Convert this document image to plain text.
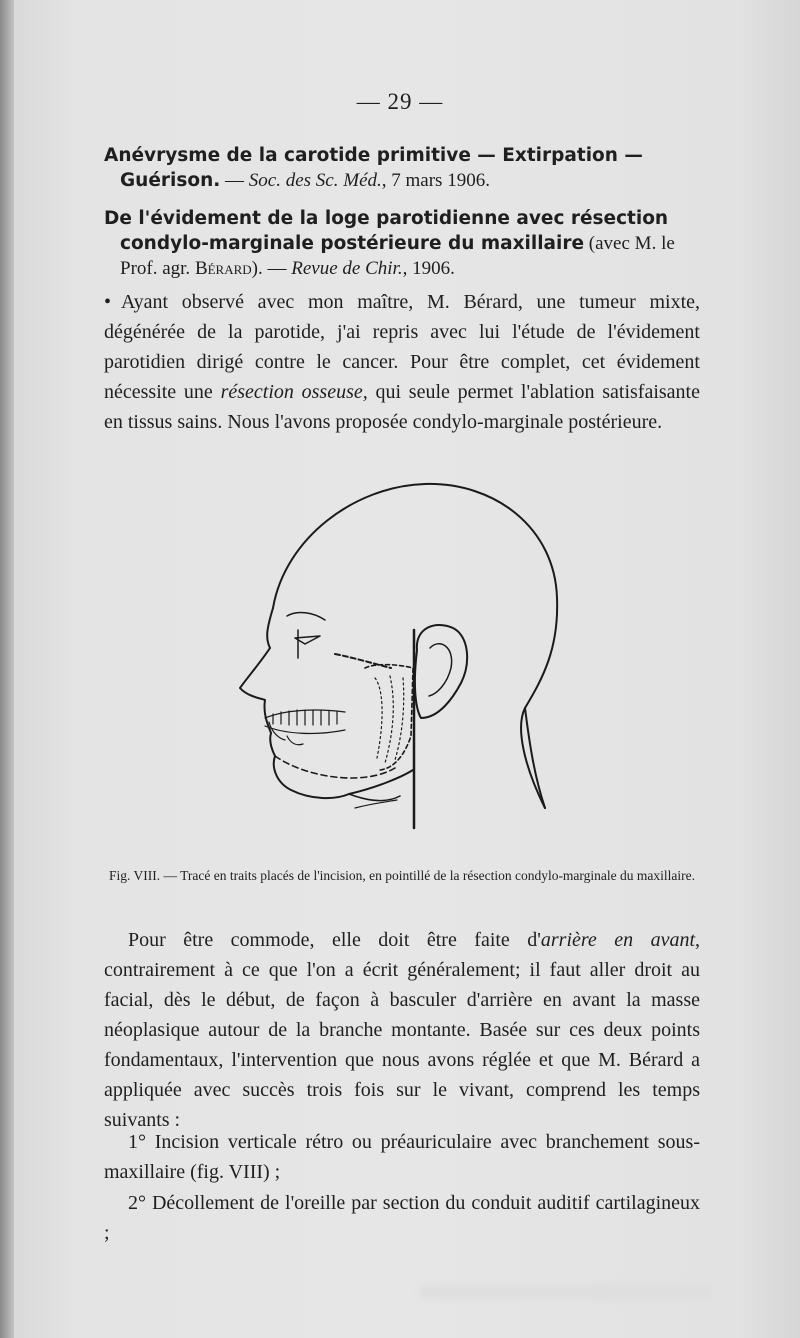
— 29 —
Anévrysme de la carotide primitive — Extirpation — Guérison. — Soc. des Sc. Méd., 7 mars 1906.
De l'évidement de la loge parotidienne avec résection condylo-marginale postérieure du maxillaire (avec M. le Prof. agr. Bérard). — Revue de Chir., 1906.
• Ayant observé avec mon maître, M. Bérard, une tumeur mixte, dégénérée de la parotide, j'ai repris avec lui l'étude de l'évidement parotidien dirigé contre le cancer. Pour être complet, cet évidement nécessite une résection osseuse, qui seule permet l'ablation satisfaisante en tissus sains. Nous l'avons proposée condylo-marginale postérieure.
Fig. VIII. — Tracé en traits placés de l'incision, en pointillé de la résection condylo-marginale du maxillaire.
Pour être commode, elle doit être faite d'arrière en avant, contrairement à ce que l'on a écrit généralement; il faut aller droit au facial, dès le début, de façon à basculer d'arrière en avant la masse néoplasique autour de la branche montante. Basée sur ces deux points fondamentaux, l'intervention que nous avons réglée et que M. Bérard a appliquée avec succès trois fois sur le vivant, comprend les temps suivants :
1° Incision verticale rétro ou préauriculaire avec branchement sous-maxillaire (fig. VIII) ;
2° Décollement de l'oreille par section du conduit auditif cartilagineux ;
